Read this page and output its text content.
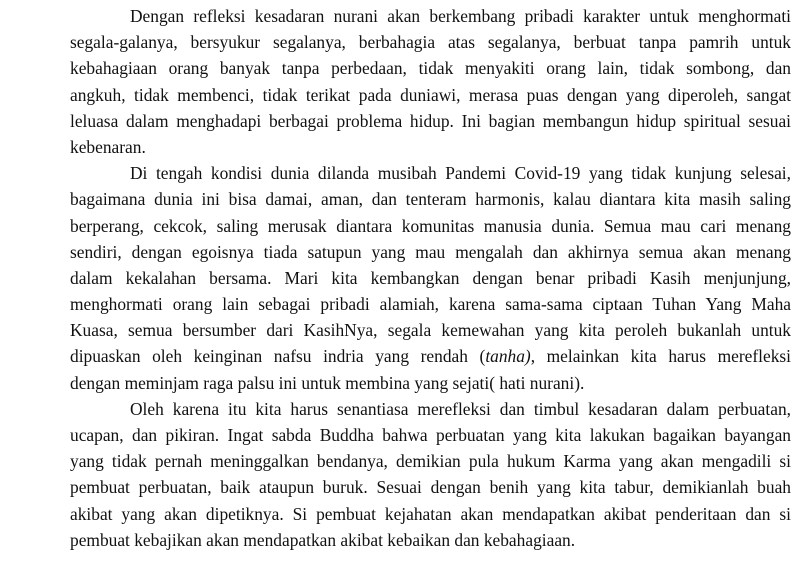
Dengan refleksi kesadaran nurani akan berkembang pribadi karakter untuk menghormati
segala-galanya, bersyukur segalanya, berbahagia atas segalanya, berbuat tanpa pamrih untuk
kebahagiaan orang banyak tanpa perbedaan, tidak menyakiti orang lain, tidak sombong, dan
angkuh, tidak membenci, tidak terikat pada duniawi, merasa puas dengan yang diperoleh, sangat
leluasa dalam menghadapi berbagai problema hidup. Ini bagian membangun hidup spiritual sesuai
kebenaran.
Di tengah kondisi dunia dilanda musibah Pandemi Covid-19 yang tidak kunjung selesai,
bagaimana dunia ini bisa damai, aman, dan tenteram harmonis, kalau diantara kita masih saling
berperang, cekcok, saling merusak diantara komunitas manusia dunia. Semua mau cari menang
sendiri, dengan egoisnya tiada satupun yang mau mengalah dan akhirnya semua akan menang
dalam kekalahan bersama. Mari kita kembangkan dengan benar pribadi Kasih menjunjung,
menghormati orang lain sebagai pribadi alamiah, karena sama-sama ciptaan Tuhan Yang Maha
Kuasa, semua bersumber dari KasihNya, segala kemewahan yang kita peroleh bukanlah untuk
dipuaskan oleh keinginan nafsu indria yang rendah (tanha), melainkan kita harus merefleksi
dengan meminjam raga palsu ini untuk membina yang sejati( hati nurani).
Oleh karena itu kita harus senantiasa merefleksi dan timbul kesadaran dalam perbuatan,
ucapan, dan pikiran. Ingat sabda Buddha bahwa perbuatan yang kita lakukan bagaikan bayangan
yang tidak pernah meninggalkan bendanya, demikian pula hukum Karma yang akan mengadili si
pembuat perbuatan, baik ataupun buruk. Sesuai dengan benih yang kita tabur, demikianlah buah
akibat yang akan dipetiknya. Si pembuat kejahatan akan mendapatkan akibat penderitaan dan si
pembuat kebajikan akan mendapatkan akibat kebaikan dan kebahagiaan.
